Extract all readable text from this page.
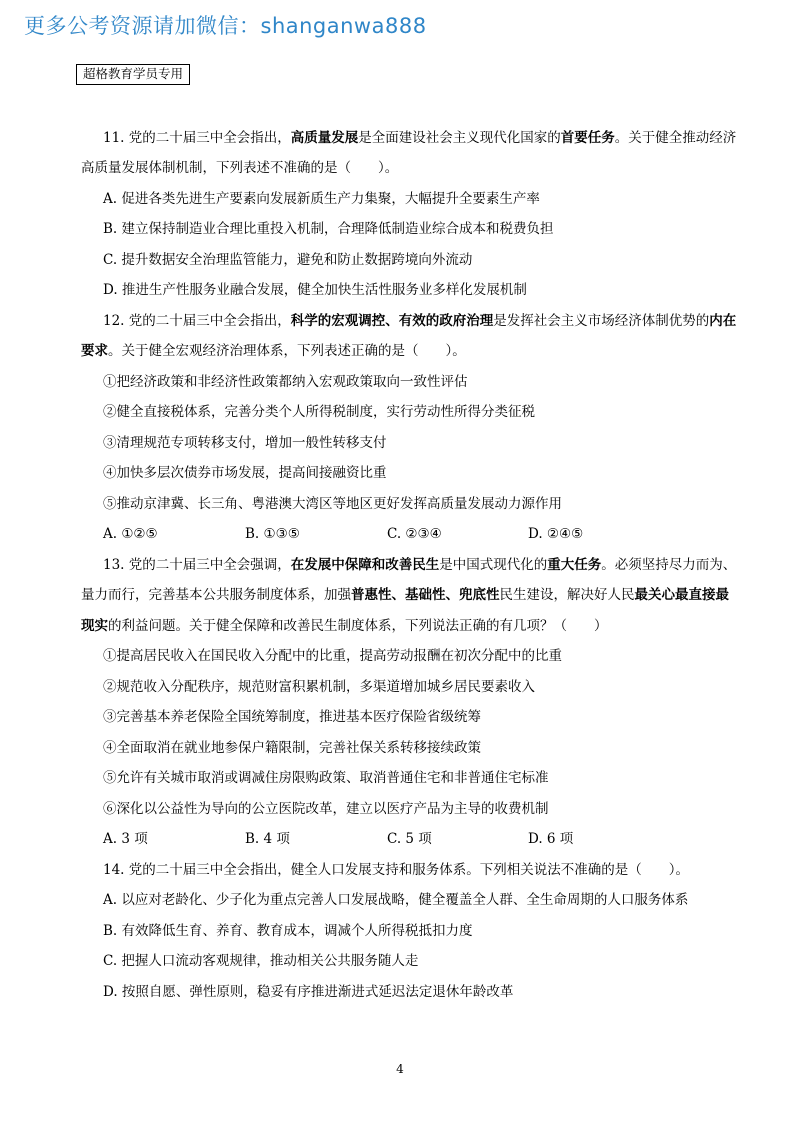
更多公考资源请加微信：shanganwa888
超格教育学员专用
11. 党的二十届三中全会指出，高质量发展是全面建设社会主义现代化国家的首要任务。关于健全推动经济
高质量发展体制机制，下列表述不准确的是（　　）。
A. 促进各类先进生产要素向发展新质生产力集聚，大幅提升全要素生产率
B. 建立保持制造业合理比重投入机制，合理降低制造业综合成本和税费负担
C. 提升数据安全治理监管能力，避免和防止数据跨境向外流动
D. 推进生产性服务业融合发展，健全加快生活性服务业多样化发展机制
12. 党的二十届三中全会指出，科学的宏观调控、有效的政府治理是发挥社会主义市场经济体制优势的内在
要求。关于健全宏观经济治理体系，下列表述正确的是（　　）。
①把经济政策和非经济性政策都纳入宏观政策取向一致性评估
②健全直接税体系，完善分类个人所得税制度，实行劳动性所得分类征税
③清理规范专项转移支付，增加一般性转移支付
④加快多层次债券市场发展，提高间接融资比重
⑤推动京津冀、长三角、粤港澳大湾区等地区更好发挥高质量发展动力源作用
A. ①②⑤	B. ①③⑤	C. ②③④	D. ②④⑤
13. 党的二十届三中全会强调，在发展中保障和改善民生是中国式现代化的重大任务。必须坚持尽力而为、
量力而行，完善基本公共服务制度体系，加强普惠性、基础性、兜底性民生建设，解决好人民最关心最直接最
现实的利益问题。关于健全保障和改善民生制度体系，下列说法正确的有几项？（　　）
①提高居民收入在国民收入分配中的比重，提高劳动报酬在初次分配中的比重
②规范收入分配秩序，规范财富积累机制，多渠道增加城乡居民要素收入
③完善基本养老保险全国统筹制度，推进基本医疗保险省级统筹
④全面取消在就业地参保户籍限制，完善社保关系转移接续政策
⑤允许有关城市取消或调减住房限购政策、取消普通住宅和非普通住宅标准
⑥深化以公益性为导向的公立医院改革，建立以医疗产品为主导的收费机制
A. 3 项	B. 4 项	C. 5 项	D. 6 项
14. 党的二十届三中全会指出，健全人口发展支持和服务体系。下列相关说法不准确的是（　　）。
A. 以应对老龄化、少子化为重点完善人口发展战略，健全覆盖全人群、全生命周期的人口服务体系
B. 有效降低生育、养育、教育成本，调减个人所得税抵扣力度
C. 把握人口流动客观规律，推动相关公共服务随人走
D. 按照自愿、弹性原则，稳妥有序推进渐进式延迟法定退休年龄改革
4
